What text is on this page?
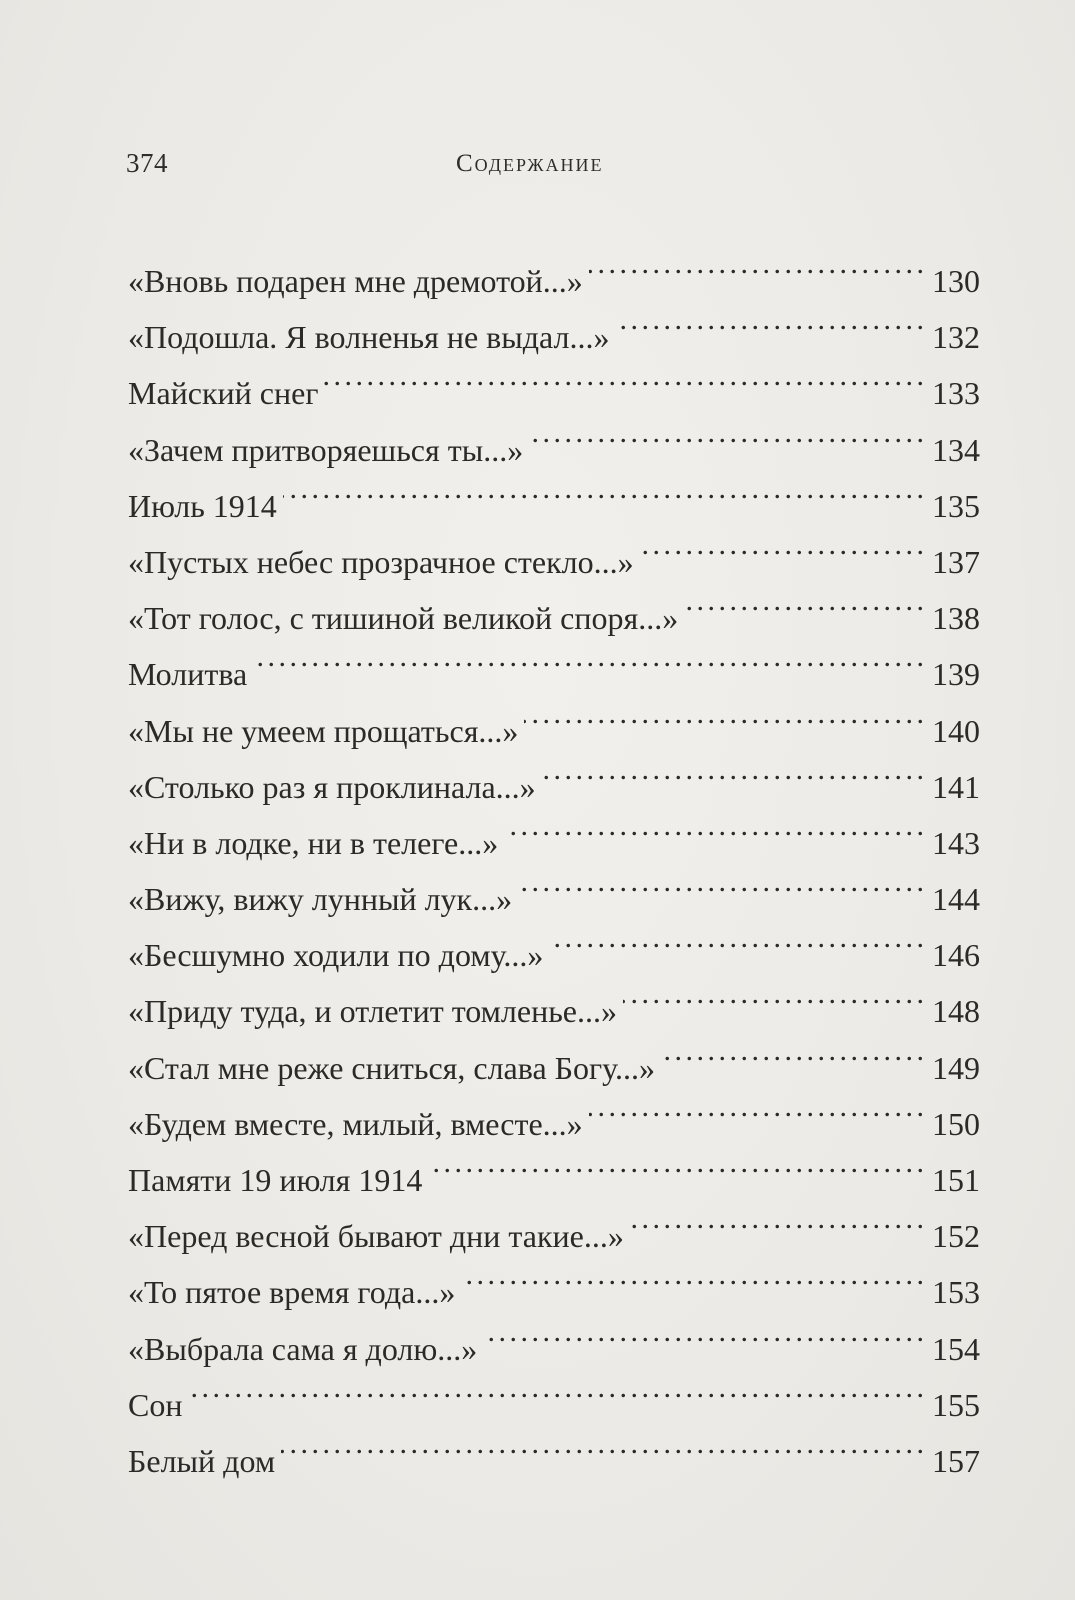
374	Содержание
«Вновь подарен мне дремотой...» . . .	130
«Подошла. Я волненья не выдал...» . . .	132
Майский снег . . .	133
«Зачем притворяешься ты...» . . .	134
Июль 1914 . . .	135
«Пустых небес прозрачное стекло...» . . .	137
«Тот голос, с тишиной великой споря...» . . .	138
Молитва . . .	139
«Мы не умеем прощаться...» . . .	140
«Столько раз я проклинала...» . . .	141
«Ни в лодке, ни в телеге...» . . .	143
«Вижу, вижу лунный лук...» . . .	144
«Бесшумно ходили по дому...» . . .	146
«Приду туда, и отлетит томленье...» . . .	148
«Стал мне реже сниться, слава Богу...» . . .	149
«Будем вместе, милый, вместе...» . . .	150
Памяти 19 июля 1914 . . .	151
«Перед весной бывают дни такие...» . . .	152
«То пятое время года...» . . .	153
«Выбрала сама я долю...» . . .	154
Сон . . .	155
Белый дом . . .	157
